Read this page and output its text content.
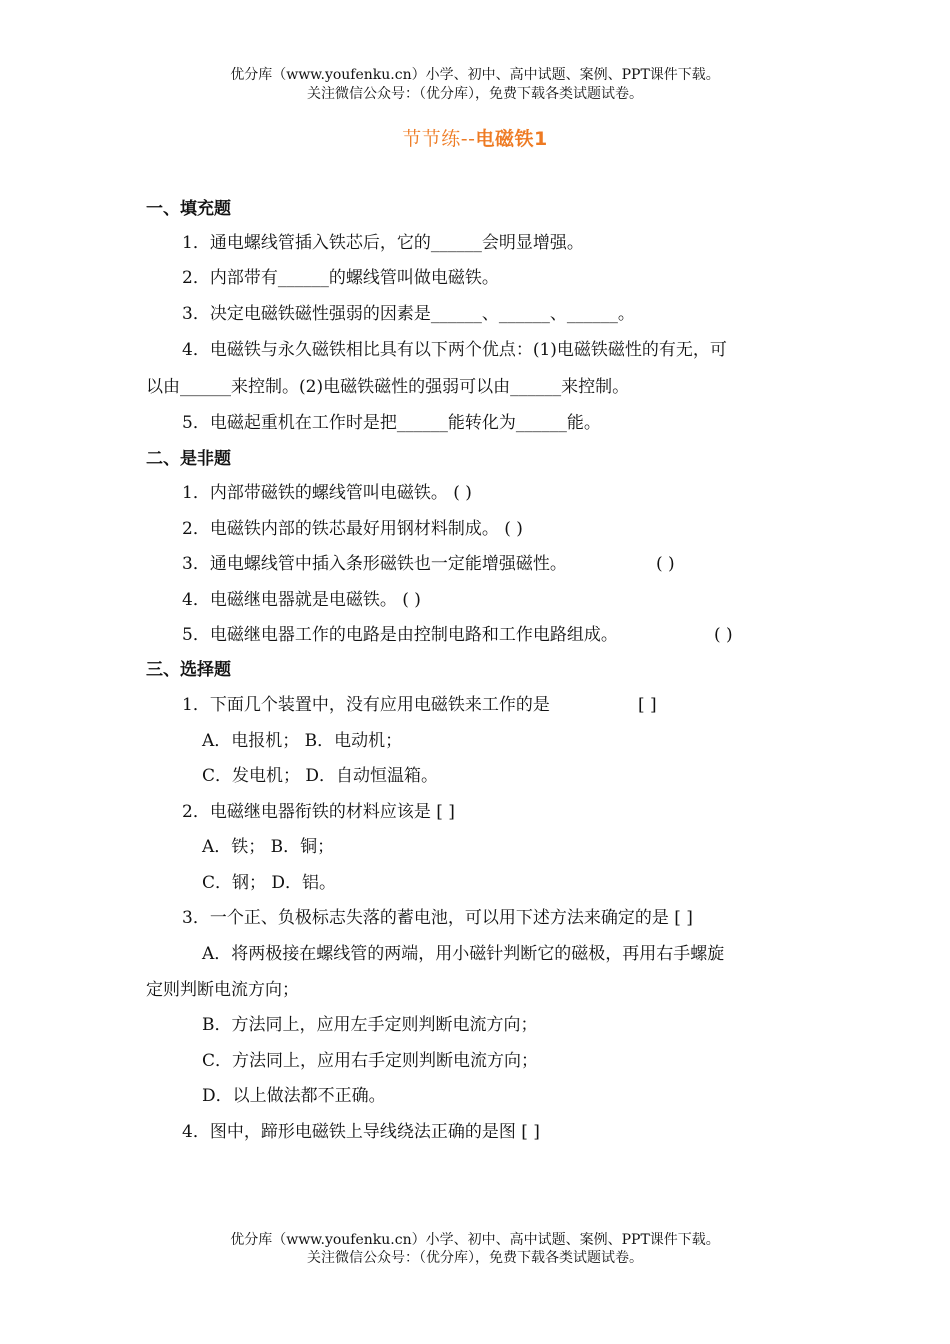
优分库（www.youfenku.cn）小学、初中、高中试题、案例、PPT课件下载。
关注微信公众号：（优分库），免费下载各类试题试卷。
节节练--电磁铁1
一、填充题
1．通电螺线管插入铁芯后，它的______会明显增强。
2．内部带有______的螺线管叫做电磁铁。
3．决定电磁铁磁性强弱的因素是______、______、______。
4．电磁铁与永久磁铁相比具有以下两个优点：(1)电磁铁磁性的有无，可
以由______来控制。(2)电磁铁磁性的强弱可以由______来控制。
5．电磁起重机在工作时是把______能转化为______能。
二、是非题
1．内部带磁铁的螺线管叫电磁铁。 ( )
2．电磁铁内部的铁芯最好用钢材料制成。 ( )
3．通电螺线管中插入条形磁铁也一定能增强磁性。	( )
4．电磁继电器就是电磁铁。 ( )
5．电磁继电器工作的电路是由控制电路和工作电路组成。	( )
三、选择题
1．下面几个装置中，没有应用电磁铁来工作的是	[ ]
A．电报机； B．电动机；
C．发电机； D．自动恒温箱。
2．电磁继电器衔铁的材料应该是 [ ]
A．铁； B．铜；
C．钢； D．铝。
3．一个正、负极标志失落的蓄电池，可以用下述方法来确定的是 [ ]
A．将两极接在螺线管的两端，用小磁针判断它的磁极，再用右手螺旋
定则判断电流方向；
B．方法同上，应用左手定则判断电流方向；
C．方法同上，应用右手定则判断电流方向；
D．以上做法都不正确。
4．图中，蹄形电磁铁上导线绕法正确的是图 [ ]
优分库（www.youfenku.cn）小学、初中、高中试题、案例、PPT课件下载。
关注微信公众号：（优分库），免费下载各类试题试卷。
